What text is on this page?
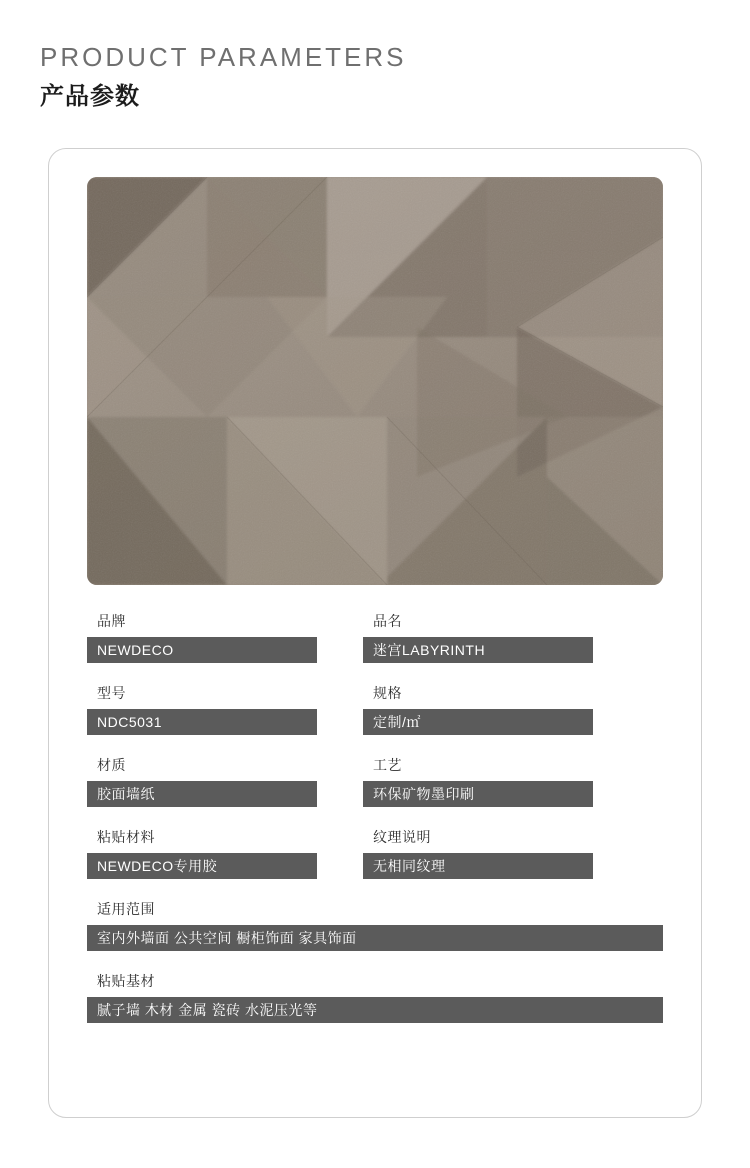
PRODUCT PARAMETERS
产品参数
品牌
NEWDECO
品名
迷宫LABYRINTH
型号
NDC5031
规格
定制/㎡
材质
胶面墙纸
工艺
环保矿物墨印刷
粘贴材料
NEWDECO专用胶
纹理说明
无相同纹理
适用范围
室内外墙面 公共空间 橱柜饰面 家具饰面
粘贴基材
腻子墙 木材 金属 瓷砖 水泥压光等
